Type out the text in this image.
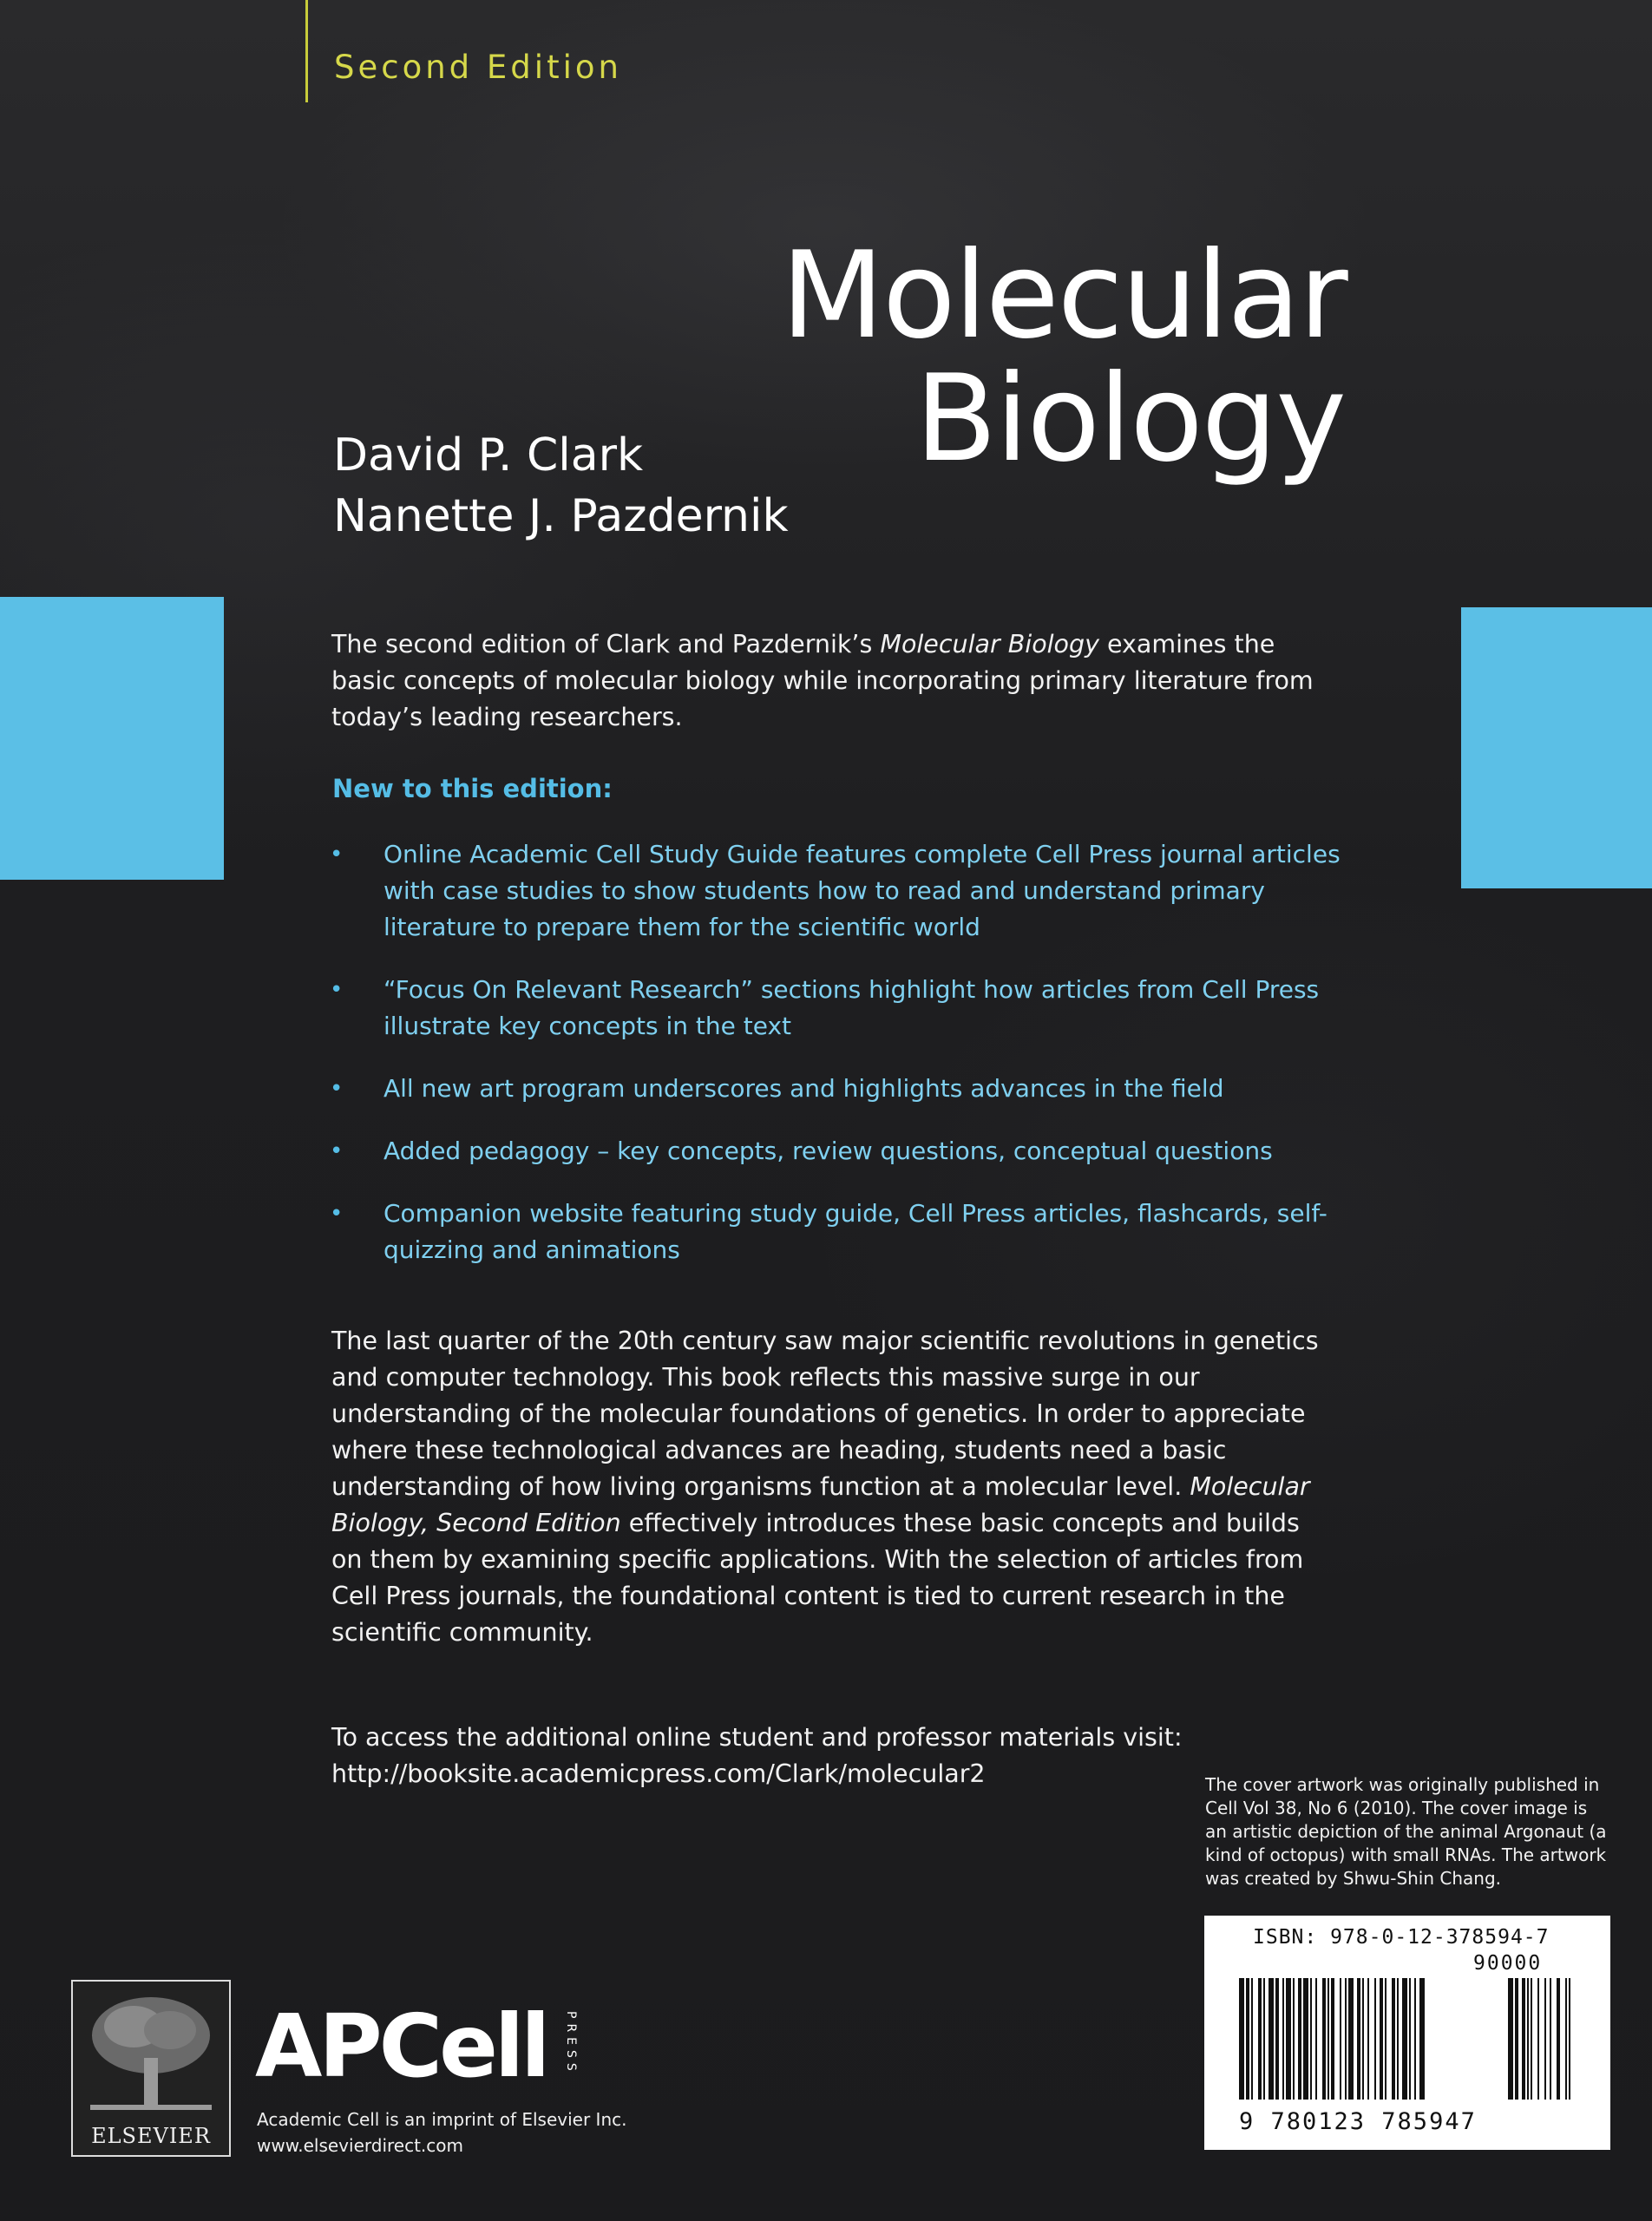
Second Edition
Molecular
Biology
David P. Clark
Nanette J. Pazdernik
The second edition of Clark and Pazdernik’s Molecular Biology examines the basic concepts of molecular biology while incorporating primary literature from today’s leading researchers.
New to this edition:
• Online Academic Cell Study Guide features complete Cell Press journal articles with case studies to show students how to read and understand primary literature to prepare them for the scientific world
• “Focus On Relevant Research” sections highlight how articles from Cell Press illustrate key concepts in the text
• All new art program underscores and highlights advances in the field
• Added pedagogy – key concepts, review questions, conceptual questions
• Companion website featuring study guide, Cell Press articles, flashcards, self-quizzing and animations
The last quarter of the 20th century saw major scientific revolutions in genetics and computer technology. This book reflects this massive surge in our understanding of the molecular foundations of genetics. In order to appreciate where these technological advances are heading, students need a basic understanding of how living organisms function at a molecular level. Molecular Biology, Second Edition effectively introduces these basic concepts and builds on them by examining specific applications. With the selection of articles from Cell Press journals, the foundational content is tied to current research in the scientific community.
To access the additional online student and professor materials visit:
http://booksite.academicpress.com/Clark/molecular2	The cover artwork was originally published in Cell Vol 38, No 6 (2010). The cover image is an artistic depiction of the animal Argonaut (a kind of octopus) with small RNAs. The artwork was created by Shwu-Shin Chang.
ISBN: 978-0-12-378594-7
90000
9 780123 785947
ELSEVIER
APCell PRESS
Academic Cell is an imprint of Elsevier Inc.
www.elsevierdirect.com
